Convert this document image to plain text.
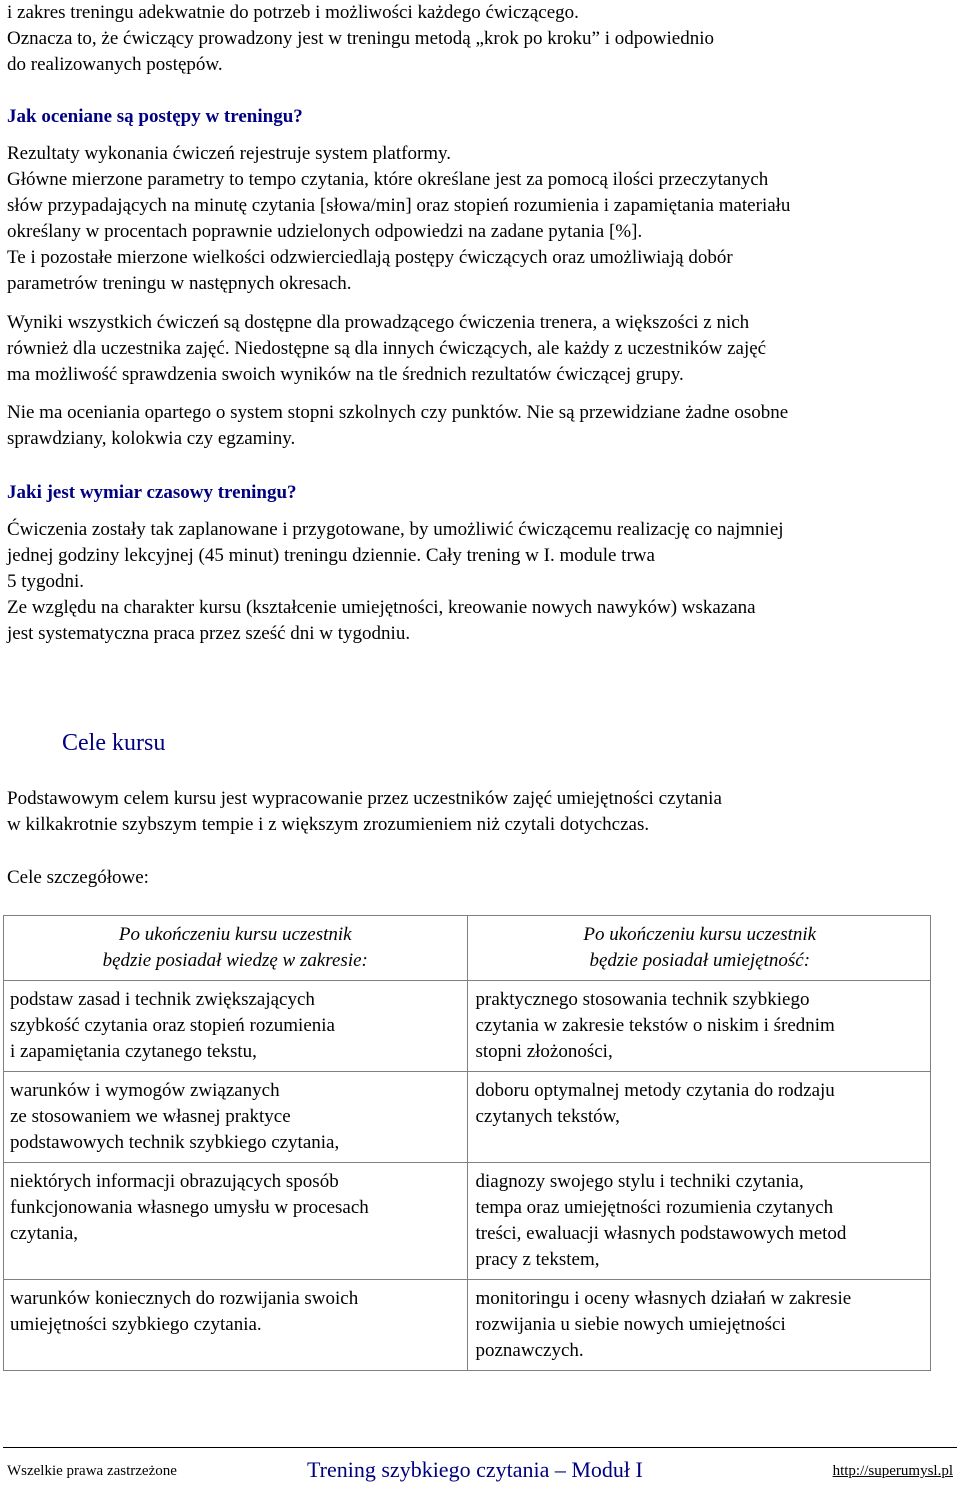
i zakres treningu adekwatnie do potrzeb i możliwości każdego ćwiczącego.
Oznacza to, że ćwiczący prowadzony jest w treningu metodą „krok po kroku” i odpowiednio
do realizowanych postępów.
Jak oceniane są postępy w treningu?
Rezultaty wykonania ćwiczeń rejestruje system platformy.
Główne mierzone parametry to tempo czytania, które określane jest za pomocą ilości przeczytanych
słów przypadających na minutę czytania [słowa/min] oraz stopień rozumienia i zapamiętania materiału
określany w procentach poprawnie udzielonych odpowiedzi na zadane pytania [%].
Te i pozostałe mierzone wielkości odzwierciedlają postępy ćwiczących oraz umożliwiają dobór
parametrów treningu w następnych okresach.
Wyniki wszystkich ćwiczeń są dostępne dla prowadzącego ćwiczenia trenera, a większości z nich
również dla uczestnika zajęć. Niedostępne są dla innych ćwiczących, ale każdy z uczestników zajęć
ma możliwość sprawdzenia swoich wyników na tle średnich rezultatów ćwiczącej grupy.
Nie ma oceniania opartego o system stopni szkolnych czy punktów. Nie są przewidziane żadne osobne
sprawdziany, kolokwia czy egzaminy.
Jaki jest wymiar czasowy treningu?
Ćwiczenia zostały tak zaplanowane i przygotowane, by umożliwić ćwiczącemu realizację co najmniej
jednej godziny lekcyjnej (45 minut) treningu dziennie. Cały trening w I. module trwa
5 tygodni.
Ze względu na charakter kursu (kształcenie umiejętności, kreowanie nowych nawyków) wskazana
jest systematyczna praca przez sześć dni w tygodniu.
Cele kursu
Podstawowym celem kursu jest wypracowanie przez uczestników zajęć umiejętności czytania
w kilkakrotnie szybszym tempie i z większym zrozumieniem niż czytali dotychczas.
Cele szczegółowe:
Po ukończeniu kursu uczestnik
będzie posiadał wiedzę w zakresie:	Po ukończeniu kursu uczestnik
będzie posiadał umiejętność:

podstaw zasad i technik zwiększających
szybkość czytania oraz stopień rozumienia
i zapamiętania czytanego tekstu,	praktycznego stosowania technik szybkiego
czytania w zakresie tekstów o niskim i średnim
stopni złożoności,

warunków i wymogów związanych
ze stosowaniem we własnej praktyce
podstawowych technik szybkiego czytania,	doboru optymalnej metody czytania do rodzaju
czytanych tekstów,

niektórych informacji obrazujących sposób
funkcjonowania własnego umysłu w procesach
czytania,	diagnozy swojego stylu i techniki czytania,
tempa oraz umiejętności rozumienia czytanych
treści, ewaluacji własnych podstawowych metod
pracy z tekstem,

warunków koniecznych do rozwijania swoich
umiejętności szybkiego czytania.	monitoringu i oceny własnych działań w zakresie
rozwijania u siebie nowych umiejętności
poznawczych.
Wszelkie prawa zastrzeżone	Trening szybkiego czytania – Moduł I	http://superumysl.pl
